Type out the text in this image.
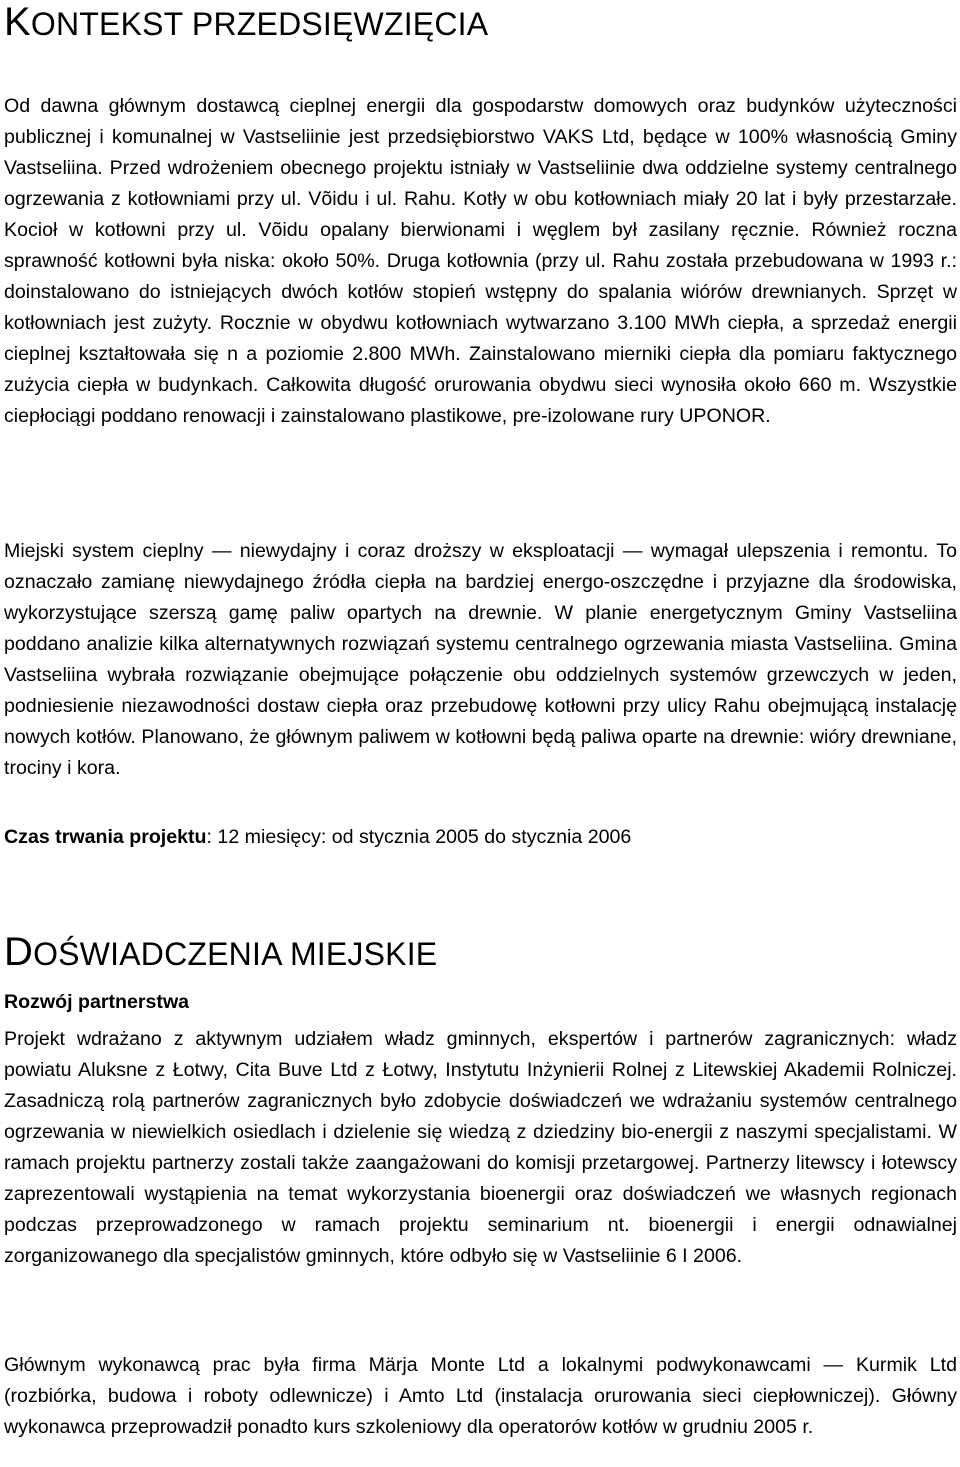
KONTEKST PRZEDSIĘWZIĘCIA

Od dawna głównym dostawcą cieplnej energii dla gospodarstw domowych oraz budynków użyteczności publicznej i komunalnej w Vastseliinie jest przedsiębiorstwo VAKS Ltd, będące w 100% własnością Gminy Vastseliina. Przed wdrożeniem obecnego projektu istniały w Vastseliinie dwa oddzielne systemy centralnego ogrzewania z kotłowniami przy ul. Võidu i ul. Rahu. Kotły w obu kotłowniach miały 20 lat i były przestarzałe. Kocioł w kotłowni przy ul. Võidu opalany bierwionami i węglem był zasilany ręcznie. Również roczna sprawność kotłowni była niska: około 50%. Druga kotłownia (przy ul. Rahu została przebudowana w 1993 r.: doinstalowano do istniejących dwóch kotłów stopień wstępny do spalania wiórów drewnianych. Sprzęt w kotłowniach jest zużyty. Rocznie w obydwu kotłowniach wytwarzano 3.100 MWh ciepła, a sprzedaż energii cieplnej kształtowała się n a poziomie 2.800 MWh. Zainstalowano mierniki ciepła dla pomiaru faktycznego zużycia ciepła w budynkach. Całkowita długość orurowania obydwu sieci wynosiła około 660 m. Wszystkie ciepłociągi poddano renowacji i zainstalowano plastikowe, pre-izolowane rury UPONOR.

Miejski system cieplny ― niewydajny i coraz droższy w eksploatacji ― wymagał ulepszenia i remontu. To oznaczało zamianę niewydajnego źródła ciepła na bardziej energo-oszczędne i przyjazne dla środowiska, wykorzystujące szerszą gamę paliw opartych na drewnie. W planie energetycznym Gminy Vastseliina poddano analizie kilka alternatywnych rozwiązań systemu centralnego ogrzewania miasta Vastseliina. Gmina Vastseliina wybrała rozwiązanie obejmujące połączenie obu oddzielnych systemów grzewczych w jeden, podniesienie niezawodności dostaw ciepła oraz przebudowę kotłowni przy ulicy Rahu obejmującą instalację nowych kotłów. Planowano, że głównym paliwem w kotłowni będą paliwa oparte na drewnie: wióry drewniane, trociny i kora.

Czas trwania projektu: 12 miesięcy: od stycznia 2005 do stycznia 2006

DOŚWIADCZENIA MIEJSKIE

Rozwój partnerstwa

Projekt wdrażano z aktywnym udziałem władz gminnych, ekspertów i partnerów zagranicznych: władz powiatu Aluksne z Łotwy, Cita Buve Ltd z Łotwy, Instytutu Inżynierii Rolnej z Litewskiej Akademii Rolniczej. Zasadniczą rolą partnerów zagranicznych było zdobycie doświadczeń we wdrażaniu systemów centralnego ogrzewania w niewielkich osiedlach i dzielenie się wiedzą z dziedziny bio-energii z naszymi specjalistami. W ramach projektu partnerzy zostali także zaangażowani do komisji przetargowej. Partnerzy litewscy i łotewscy zaprezentowali wystąpienia na temat wykorzystania bioenergii oraz doświadczeń we własnych regionach podczas przeprowadzonego w ramach projektu seminarium nt. bioenergii i energii odnawialnej zorganizowanego dla specjalistów gminnych, które odbyło się w Vastseliinie 6 I 2006.

Głównym wykonawcą prac była firma Märja Monte Ltd a lokalnymi podwykonawcami ― Kurmik Ltd (rozbiórka, budowa i roboty odlewnicze) i Amto Ltd (instalacja orurowania sieci ciepłowniczej). Główny wykonawca przeprowadził ponadto kurs szkoleniowy dla operatorów kotłów w grudniu 2005 r.
